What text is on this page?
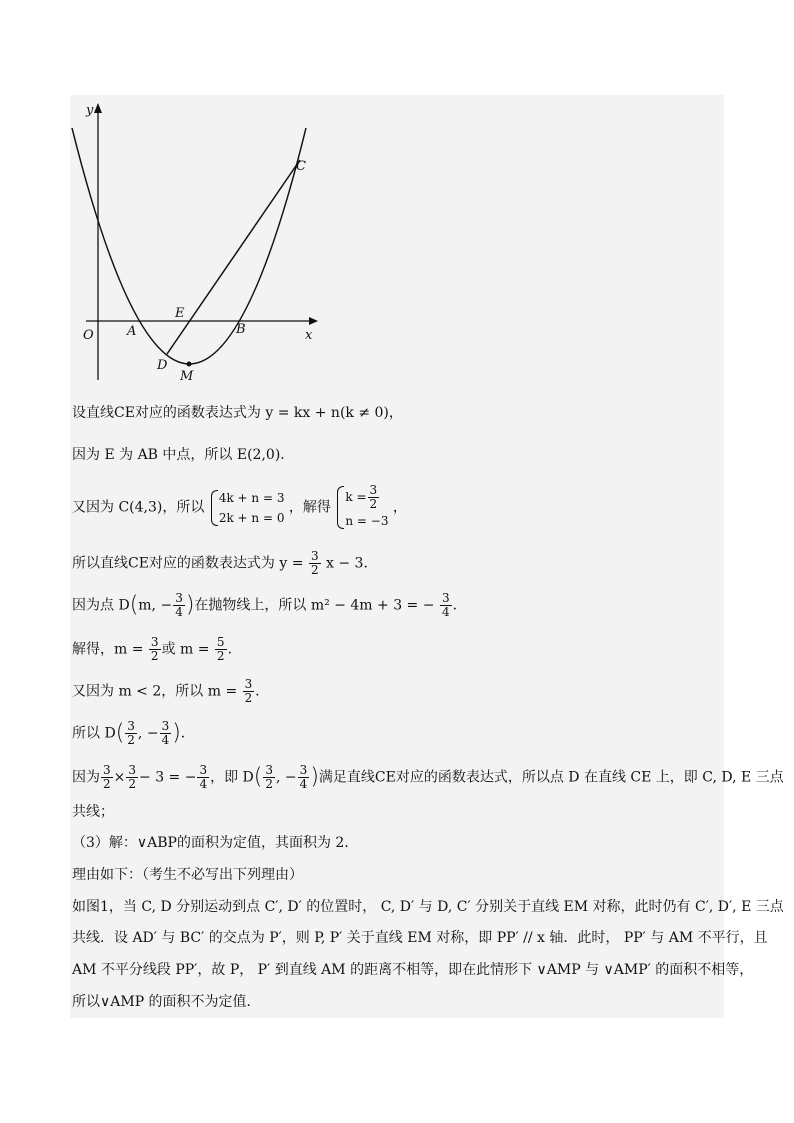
y
x
O	A	B
C
D
E
M
设直线CE对应的函数表达式为 y = kx + n(k ≠ 0)，
因为 E 为 AB 中点，所以 E(2,0)．
又因为 C(4,3)，所以
4k + n = 3
2k + n = 0
，解得
$k = \frac{3}{2}$
n = −3
，
所以直线CE对应的函数表达式为 $y = \frac{3}{2}$ x − 3．
因为点 D(m, − $\frac{3}{4}$ )在抛物线上，所以 m² − 4m + 3 = − $\frac{3}{4}$ ．
解得，$m = \frac{3}{2}$ 或 $m = \frac{5}{2}$ ．
又因为 m < 2，所以 $m = \frac{3}{2}$ ．
所以 $D( \frac{3}{2}$ , − $\frac{3}{4}$ )．
因为 $\frac{3}{2} \times \frac{3}{2} - 3$ = − $\frac{3}{4}$ ，即 $D( \frac{3}{2}$ , − $\frac{3}{4}$ )满足直线CE对应的函数表达式，所以点 D 在直线 CE 上，即 C, D, E 三点
共线；
（3）解：∨ABP的面积为定值，其面积为 2．
理由如下：（考生不必写出下列理由）
如图1，当 C, D 分别运动到点 C′, D′ 的位置时， C, D′ 与 D, C′ 分别关于直线 EM 对称，此时仍有 C′, D′, E 三点
共线．设 AD′ 与 BC′ 的交点为 P′，则 P, P′ 关于直线 EM 对称，即 PP′ // x 轴．此时， PP′ 与 AM 不平行，且
AM 不平分线段 PP′，故 P， P′ 到直线 AM 的距离不相等，即在此情形下 ∨AMP 与 ∨AMP′ 的面积不相等，
所以∨AMP 的面积不为定值．
